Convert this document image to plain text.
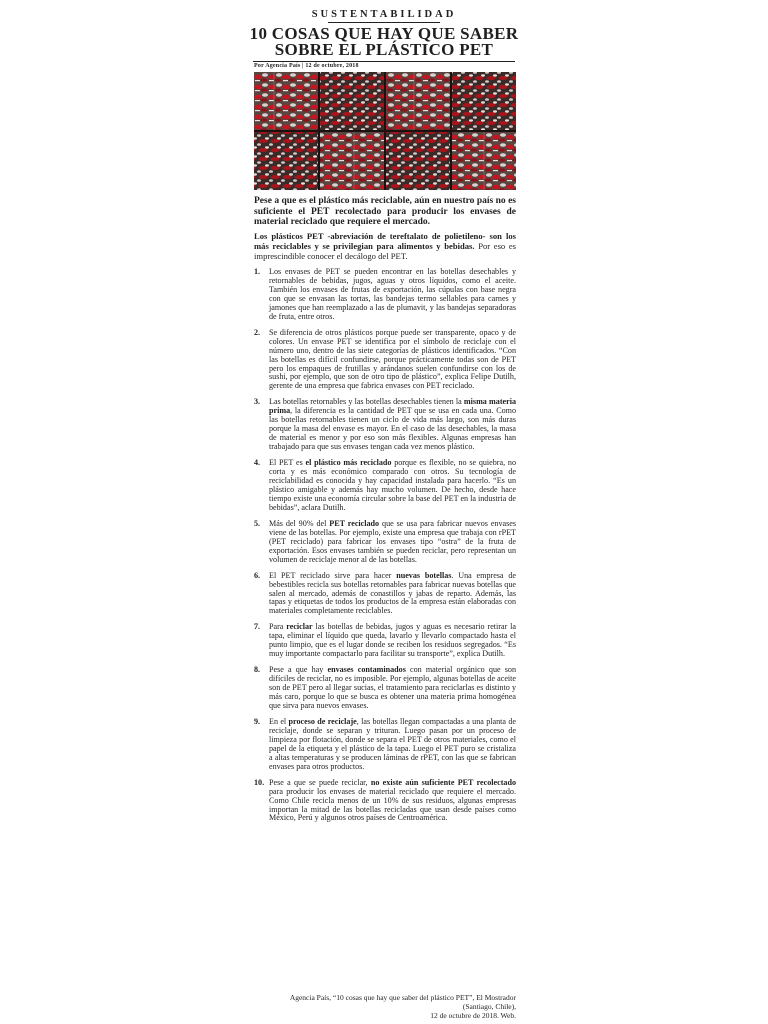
SUSTENTABILIDAD
10 COSAS QUE HAY QUE SABER
SOBRE EL PLÁSTICO PET
Por Agencia País | 12 de octubre, 2018
Pese a que es el plástico más reciclable, aún en nuestro país no es suficiente el PET recolectado para producir los envases de material reciclado que requiere el mercado.
Los plásticos PET -abreviación de tereftalato de polietileno- son los más reciclables y se privilegian para alimentos y bebidas. Por eso es imprescindible conocer el decálogo del PET.
1. Los envases de PET se pueden encontrar en las botellas desechables y retornables de bebidas, jugos, aguas y otros líquidos, como el aceite. También los envases de frutas de exportación, las cúpulas con base negra con que se envasan las tortas, las bandejas termo sellables para carnes y jamones que han reemplazado a las de plumavit, y las bandejas separadoras de fruta, entre otros.
2. Se diferencia de otros plásticos porque puede ser transparente, opaco y de colores. Un envase PET se identifica por el símbolo de reciclaje con el número uno, dentro de las siete categorías de plásticos identificados. “Con las botellas es difícil confundirse, porque prácticamente todas son de PET pero los empaques de frutillas y arándanos suelen confundirse con los de sushi, por ejemplo, que son de otro tipo de plástico”, explica Felipe Dutilh, gerente de una empresa que fabrica envases con PET reciclado.
3. Las botellas retornables y las botellas desechables tienen la misma materia prima, la diferencia es la cantidad de PET que se usa en cada una. Como las botellas retornables tienen un ciclo de vida más largo, son más duras porque la masa del envase es mayor. En el caso de las desechables, la masa de material es menor y por eso son más flexibles. Algunas empresas han trabajado para que sus envases tengan cada vez menos plástico.
4. El PET es el plástico más reciclado porque es flexible, no se quiebra, no corta y es más económico comparado con otros. Su tecnología de reciclabilidad es conocida y hay capacidad instalada para hacerlo. “Es un plástico amigable y además hay mucho volumen. De hecho, desde hace tiempo existe una economía circular sobre la base del PET en la industria de bebidas”, aclara Dutilh.
5. Más del 90% del PET reciclado que se usa para fabricar nuevos envases viene de las botellas. Por ejemplo, existe una empresa que trabaja con rPET (PET reciclado) para fabricar los envases tipo “ostra” de la fruta de exportación. Esos envases también se pueden reciclar, pero representan un volumen de reciclaje menor al de las botellas.
6. El PET reciclado sirve para hacer nuevas botellas. Una empresa de bebestibles recicla sus botellas retornables para fabricar nuevas botellas que salen al mercado, además de conastillos y jabas de reparto. Además, las tapas y etiquetas de todos los productos de la empresa están elaboradas con materiales completamente reciclables.
7. Para reciclar las botellas de bebidas, jugos y aguas es necesario retirar la tapa, eliminar el líquido que queda, lavarlo y llevarlo compactado hasta el punto limpio, que es el lugar donde se reciben los residuos segregados. “Es muy importante compactarlo para facilitar su transporte”, explica Dutilh.
8. Pese a que hay envases contaminados con material orgánico que son difíciles de reciclar, no es imposible. Por ejemplo, algunas botellas de aceite son de PET pero al llegar sucias, el tratamiento para reciclarlas es distinto y más caro, porque lo que se busca es obtener una materia prima homogénea que sirva para nuevos envases.
9. En el proceso de reciclaje, las botellas llegan compactadas a una planta de reciclaje, donde se separan y trituran. Luego pasan por un proceso de limpieza por flotación, donde se separa el PET de otros materiales, como el papel de la etiqueta y el plástico de la tapa. Luego el PET puro se cristaliza a altas temperaturas y se producen láminas de rPET, con las que se fabrican envases para otros productos.
10. Pese a que se puede reciclar, no existe aún suficiente PET recolectado para producir los envases de material reciclado que requiere el mercado. Como Chile recicla menos de un 10% de sus residuos, algunas empresas importan la mitad de las botellas recicladas que usan desde países como México, Perú y algunos otros países de Centroamérica.
Agencia País, “10 cosas que hay que saber del plástico PET”, El Mostrador
(Santiago, Chile),
12 de octubre de 2018. Web.
